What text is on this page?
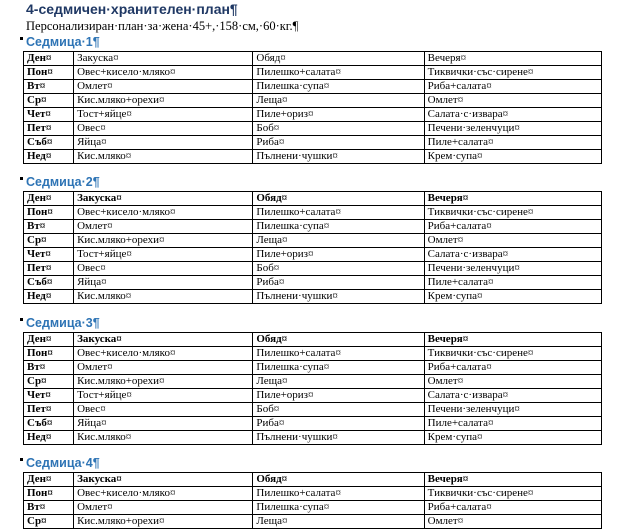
4-седмичен·хранителен·план¶
Персонализиран·план·за·жена·45+,·158·см,·60·кг.¶
Седмица·1¶
Ден¤	Закуска¤	Обяд¤	Вечеря¤
Пон¤	Овес+кисело·мляко¤	Пилешко+салата¤	Тиквички·със·сирене¤
Вт¤	Омлет¤	Пилешка·супа¤	Риба+салата¤
Ср¤	Кис.мляко+орехи¤	Леща¤	Омлет¤
Чет¤	Тост+яйце¤	Пиле+ориз¤	Салата·с·извара¤
Пет¤	Овес¤	Боб¤	Печени·зеленчуци¤
Съб¤	Яйца¤	Риба¤	Пиле+салата¤
Нед¤	Кис.мляко¤	Пълнени·чушки¤	Крем·супа¤
Седмица·2¶
Ден¤	Закуска¤	Обяд¤	Вечеря¤
Пон¤	Овес+кисело·мляко¤	Пилешко+салата¤	Тиквички·със·сирене¤
Вт¤	Омлет¤	Пилешка·супа¤	Риба+салата¤
Ср¤	Кис.мляко+орехи¤	Леща¤	Омлет¤
Чет¤	Тост+яйце¤	Пиле+ориз¤	Салата·с·извара¤
Пет¤	Овес¤	Боб¤	Печени·зеленчуци¤
Съб¤	Яйца¤	Риба¤	Пиле+салата¤
Нед¤	Кис.мляко¤	Пълнени·чушки¤	Крем·супа¤
Седмица·3¶
Ден¤	Закуска¤	Обяд¤	Вечеря¤
Пон¤	Овес+кисело·мляко¤	Пилешко+салата¤	Тиквички·със·сирене¤
Вт¤	Омлет¤	Пилешка·супа¤	Риба+салата¤
Ср¤	Кис.мляко+орехи¤	Леща¤	Омлет¤
Чет¤	Тост+яйце¤	Пиле+ориз¤	Салата·с·извара¤
Пет¤	Овес¤	Боб¤	Печени·зеленчуци¤
Съб¤	Яйца¤	Риба¤	Пиле+салата¤
Нед¤	Кис.мляко¤	Пълнени·чушки¤	Крем·супа¤
Седмица·4¶
Ден¤	Закуска¤	Обяд¤	Вечеря¤
Пон¤	Овес+кисело·мляко¤	Пилешко+салата¤	Тиквички·със·сирене¤
Вт¤	Омлет¤	Пилешка·супа¤	Риба+салата¤
Ср¤	Кис.мляко+орехи¤	Леща¤	Омлет¤
